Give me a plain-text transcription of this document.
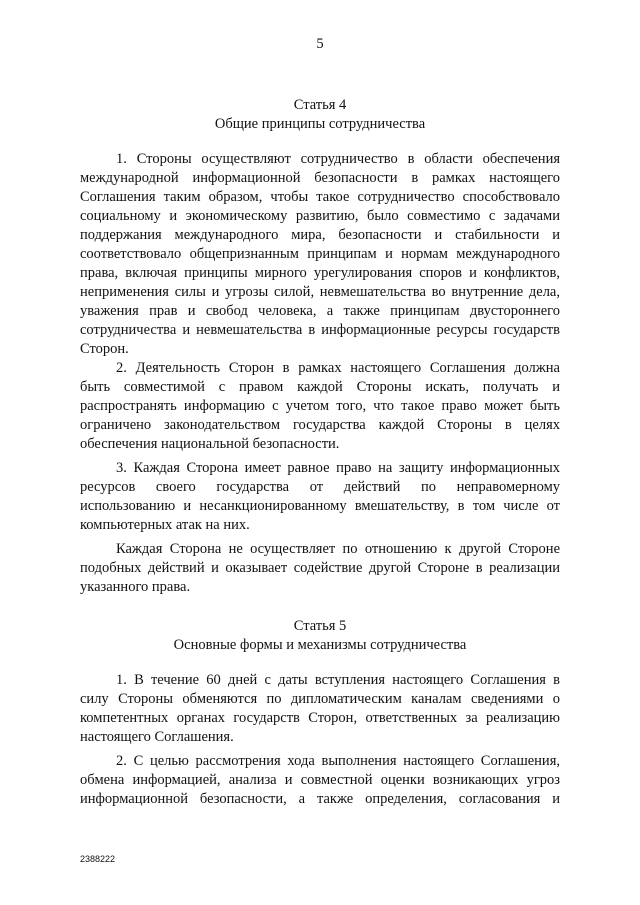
5
Статья 4
Общие принципы сотрудничества
1. Стороны осуществляют сотрудничество в области обеспечения
международной информационной безопасности в рамках настоящего
Соглашения таким образом, чтобы такое сотрудничество способствовало
социальному и экономическому развитию, было совместимо с задачами
поддержания международного мира, безопасности и стабильности и
соответствовало общепризнанным принципам и нормам международного
права, включая принципы мирного урегулирования споров и конфликтов,
неприменения силы и угрозы силой, невмешательства во внутренние дела,
уважения прав и свобод человека, а также принципам двустороннего
сотрудничества и невмешательства в информационные ресурсы государств
Сторон.
2. Деятельность Сторон в рамках настоящего Соглашения должна
быть совместимой с правом каждой Стороны искать, получать и
распространять информацию с учетом того, что такое право может быть
ограничено законодательством государства каждой Стороны в целях
обеспечения национальной безопасности.
3. Каждая Сторона имеет равное право на защиту информационных
ресурсов своего государства от действий по неправомерному
использованию и несанкционированному вмешательству, в том числе от
компьютерных атак на них.
Каждая Сторона не осуществляет по отношению к другой Стороне
подобных действий и оказывает содействие другой Стороне в реализации
указанного права.
Статья 5
Основные формы и механизмы сотрудничества
1. В течение 60 дней с даты вступления настоящего Соглашения в
силу Стороны обменяются по дипломатическим каналам сведениями о
компетентных органах государств Сторон, ответственных за реализацию
настоящего Соглашения.
2. С целью рассмотрения хода выполнения настоящего Соглашения,
обмена информацией, анализа и совместной оценки возникающих угроз
информационной безопасности, а также определения, согласования и
2388222
